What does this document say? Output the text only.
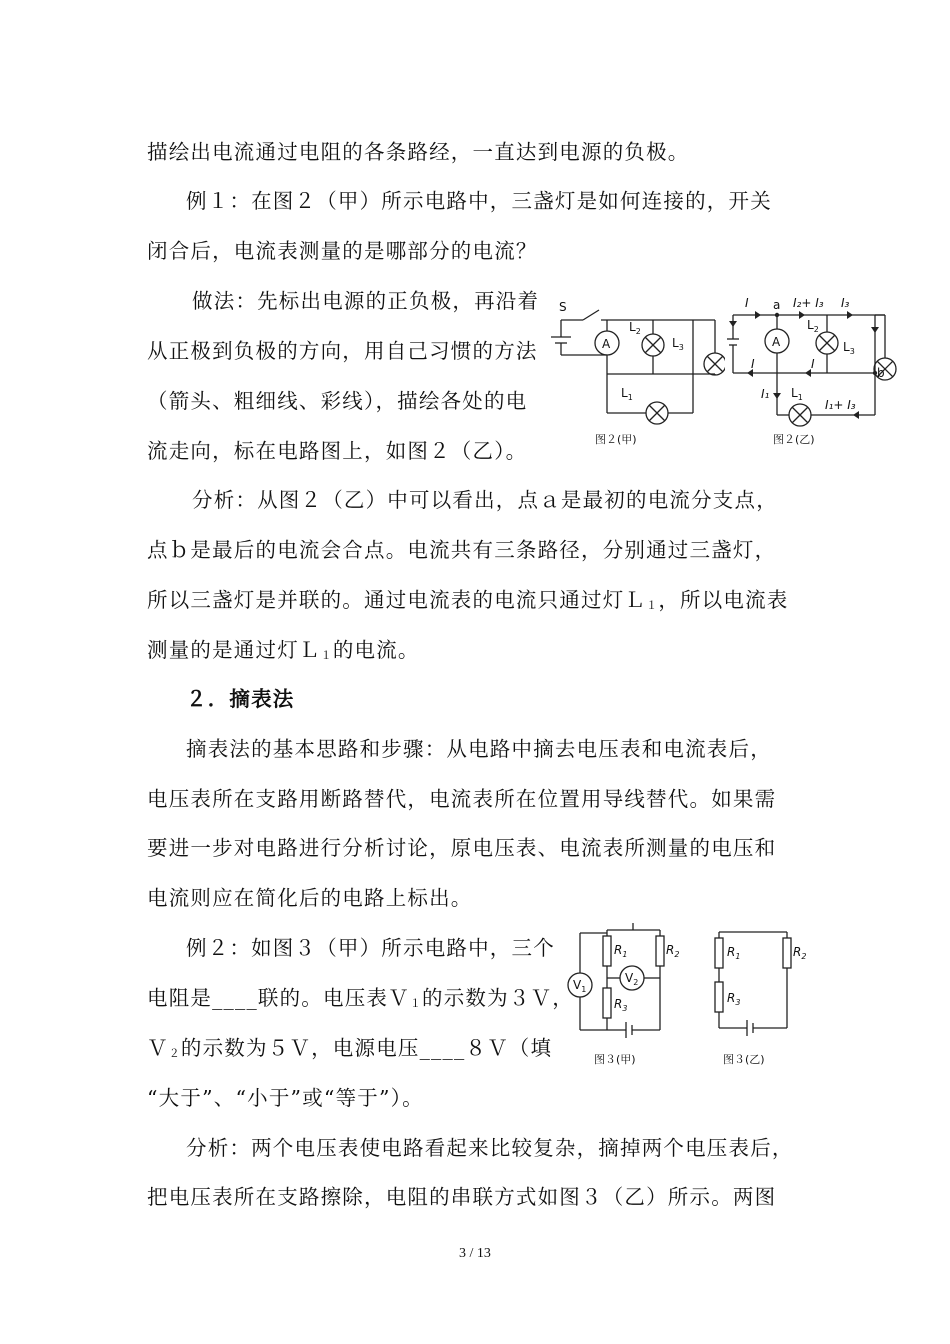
描绘出电流通过电阻的各条路经，一直达到电源的负极。
例１：在图２（甲）所示电路中，三盏灯是如何连接的，开关
闭合后，电流表测量的是哪部分的电流？
做法：先标出电源的正负极，再沿着
从正极到负极的方向，用自己习惯的方法
（箭头、粗细线、彩线），描绘各处的电
流走向，标在电路图上，如图２（乙）。
分析：从图２（乙）中可以看出，点ａ是最初的电流分支点，
点ｂ是最后的电流会合点。电流共有三条路径，分别通过三盏灯，
所以三盏灯是并联的。通过电流表的电流只通过灯Ｌ$_1$，所以电流表
测量的是通过灯Ｌ$_1$的电流。
２．摘表法
摘表法的基本思路和步骤：从电路中摘去电压表和电流表后，
电压表所在支路用断路替代，电流表所在位置用导线替代。如果需
要进一步对电路进行分析讨论，原电压表、电流表所测量的电压和
电流则应在简化后的电路上标出。
例２：如图３（甲）所示电路中，三个
电阻是____联的。电压表Ｖ$_1$的示数为３Ｖ，
Ｖ$_2$的示数为５Ｖ，电源电压____８Ｖ（填
“大于”、“小于”或“等于”）。
分析：两个电压表使电路看起来比较复杂，摘掉两个电压表后，
把电压表所在支路擦除，电阻的串联方式如图３（乙）所示。两图
S
A
$L_2$
$L_3$
$L_1$
图２(甲)
I a I₂+ I₃ I₃
A
$L_2$
$L_3$
I	I
b
I₁ $L_1$
I₁+ I₃
图２(乙)
$R_1$	$R_2$
$R_3$
$V_1$
$V_2$
图３(甲)
$R_1$	$R_2$
$R_3$
图３(乙)
3 / 13
